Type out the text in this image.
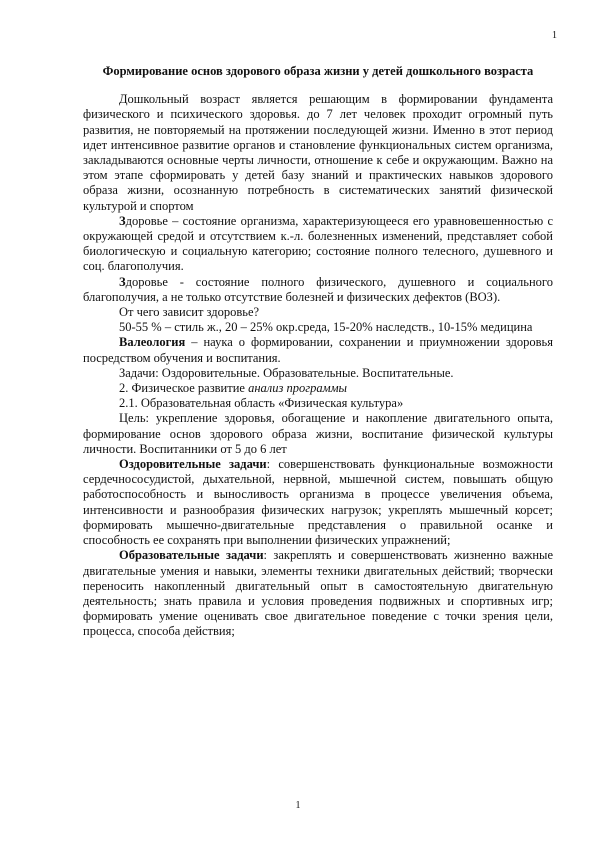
1

Формирование основ здорового образа жизни у детей дошкольного возраста

Дошкольный возраст является решающим в формировании фундамента физического и психического здоровья. до 7 лет человек проходит огромный путь развития, не повторяемый на протяжении последующей жизни. Именно в этот период идет интенсивное развитие органов и становление функциональных систем организма, закладываются основные черты личности, отношение к себе и окружающим. Важно на этом этапе сформировать у детей базу знаний и практических навыков здорового образа жизни, осознанную потребность в систематических занятий физической культурой и спортом

Здоровье – состояние организма, характеризующееся его уравновешенностью с окружающей средой и отсутствием к.-л. болезненных изменений, представляет собой биологическую и социальную категорию; состояние полного телесного, душевного и соц. благополучия.

Здоровье - состояние полного физического, душевного и социального благополучия, а не только отсутствие болезней и физических дефектов (ВОЗ).

От чего зависит здоровье?

50-55 % – стиль ж., 20 – 25% окр.среда, 15-20% наследств., 10-15% медицина

Валеология – наука о формировании, сохранении и приумножении здоровья посредством обучения и воспитания.

Задачи: Оздоровительные. Образовательные. Воспитательные.

2. Физическое развитие анализ программы

2.1. Образовательная область «Физическая культура»

Цель: укрепление здоровья, обогащение и накопление двигательного опыта, формирование основ здорового образа жизни, воспитание физической культуры личности. Воспитанники от 5 до 6 лет

Оздоровительные задачи: совершенствовать функциональные возможности сердечнососудистой, дыхательной, нервной, мышечной систем, повышать общую работоспособность и выносливость организма в процессе увеличения объема, интенсивности и разнообразия физических нагрузок; укреплять мышечный корсет; формировать мышечно-двигательные представления о правильной осанке и способность ее сохранять при выполнении физических упражнений;

Образовательные задачи: закреплять и совершенствовать жизненно важные двигательные умения и навыки, элементы техники двигательных действий; творчески переносить накопленный двигательный опыт в самостоятельную двигательную деятельность; знать правила и условия проведения подвижных и спортивных игр; формировать умение оценивать свое двигательное поведение с точки зрения цели, процесса, способа действия;

1
